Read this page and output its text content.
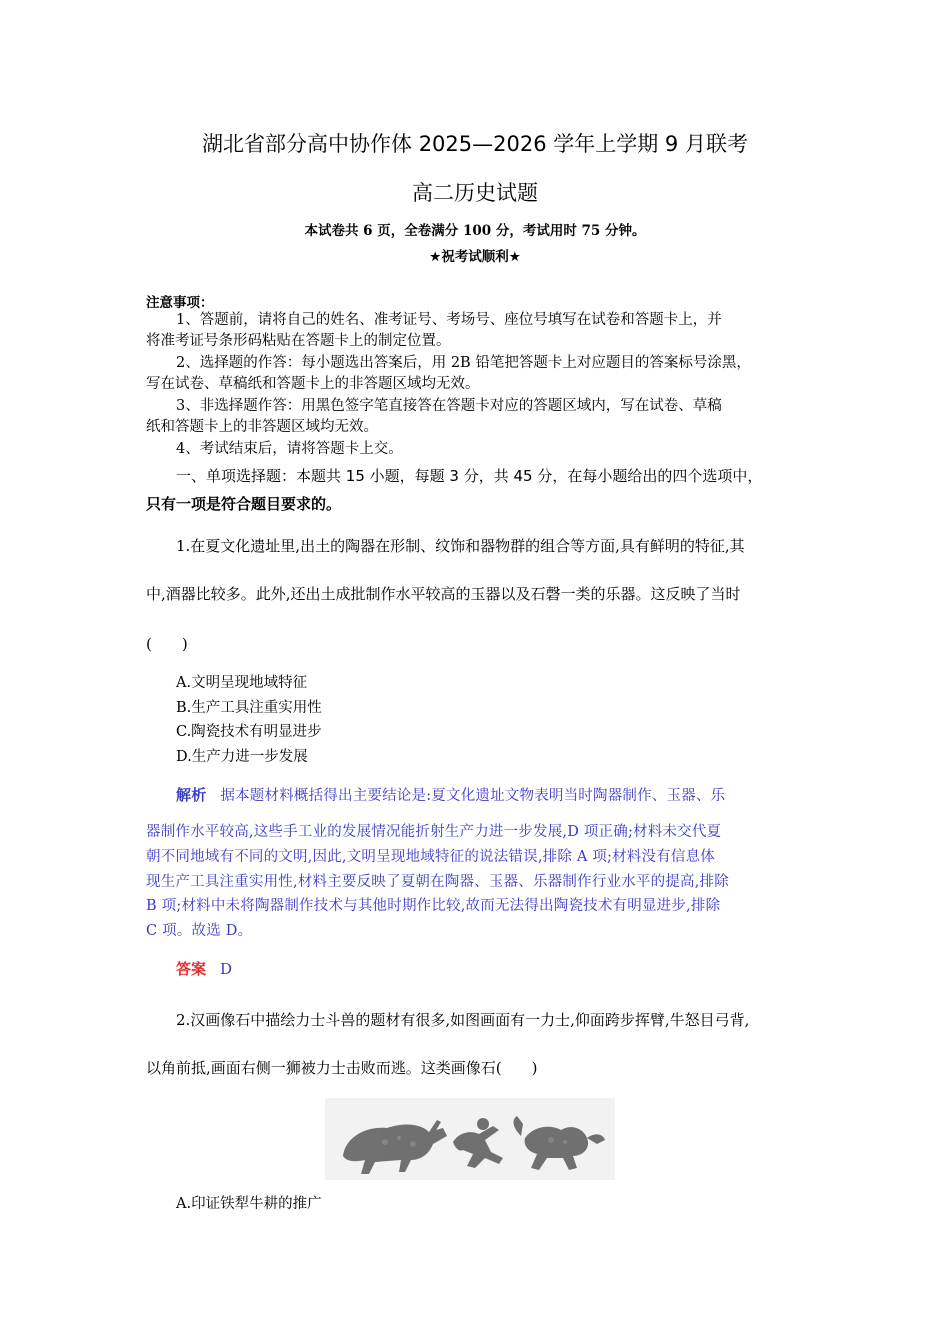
湖北省部分高中协作体 2025—2026 学年上学期 9 月联考
高二历史试题
本试卷共 6 页，全卷满分 100 分，考试用时 75 分钟。
★祝考试顺利★
注意事项：
1、答题前，请将自己的姓名、准考证号、考场号、座位号填写在试卷和答题卡上，并
将准考证号条形码粘贴在答题卡上的制定位置。
2、选择题的作答：每小题选出答案后，用 2B 铅笔把答题卡上对应题目的答案标号涂黑，
写在试卷、草稿纸和答题卡上的非答题区域均无效。
3、非选择题作答：用黑色签字笔直接答在答题卡对应的答题区域内，写在试卷、草稿
纸和答题卡上的非答题区域均无效。
4、考试结束后，请将答题卡上交。
一、单项选择题：本题共 15 小题，每题 3 分，共 45 分，在每小题给出的四个选项中，
只有一项是符合题目要求的。
1.在夏文化遗址里,出土的陶器在形制、纹饰和器物群的组合等方面,具有鲜明的特征,其
中,酒器比较多。此外,还出土成批制作水平较高的玉器以及石磬一类的乐器。这反映了当时
(　　)
A.文明呈现地域特征
B.生产工具注重实用性
C.陶瓷技术有明显进步
D.生产力进一步发展
解析 据本题材料概括得出主要结论是:夏文化遗址文物表明当时陶器制作、玉器、乐
器制作水平较高,这些手工业的发展情况能折射生产力进一步发展,D 项正确;材料未交代夏
朝不同地域有不同的文明,因此,文明呈现地域特征的说法错误,排除 A 项;材料没有信息体
现生产工具注重实用性,材料主要反映了夏朝在陶器、玉器、乐器制作行业水平的提高,排除
B 项;材料中未将陶器制作技术与其他时期作比较,故而无法得出陶瓷技术有明显进步,排除
C 项。故选 D。
答案 D
2.汉画像石中描绘力士斗兽的题材有很多,如图画面有一力士,仰面跨步挥臂,牛怒目弓背,
以角前抵,画面右侧一狮被力士击败而逃。这类画像石(　　)
A.印证铁犁牛耕的推广
